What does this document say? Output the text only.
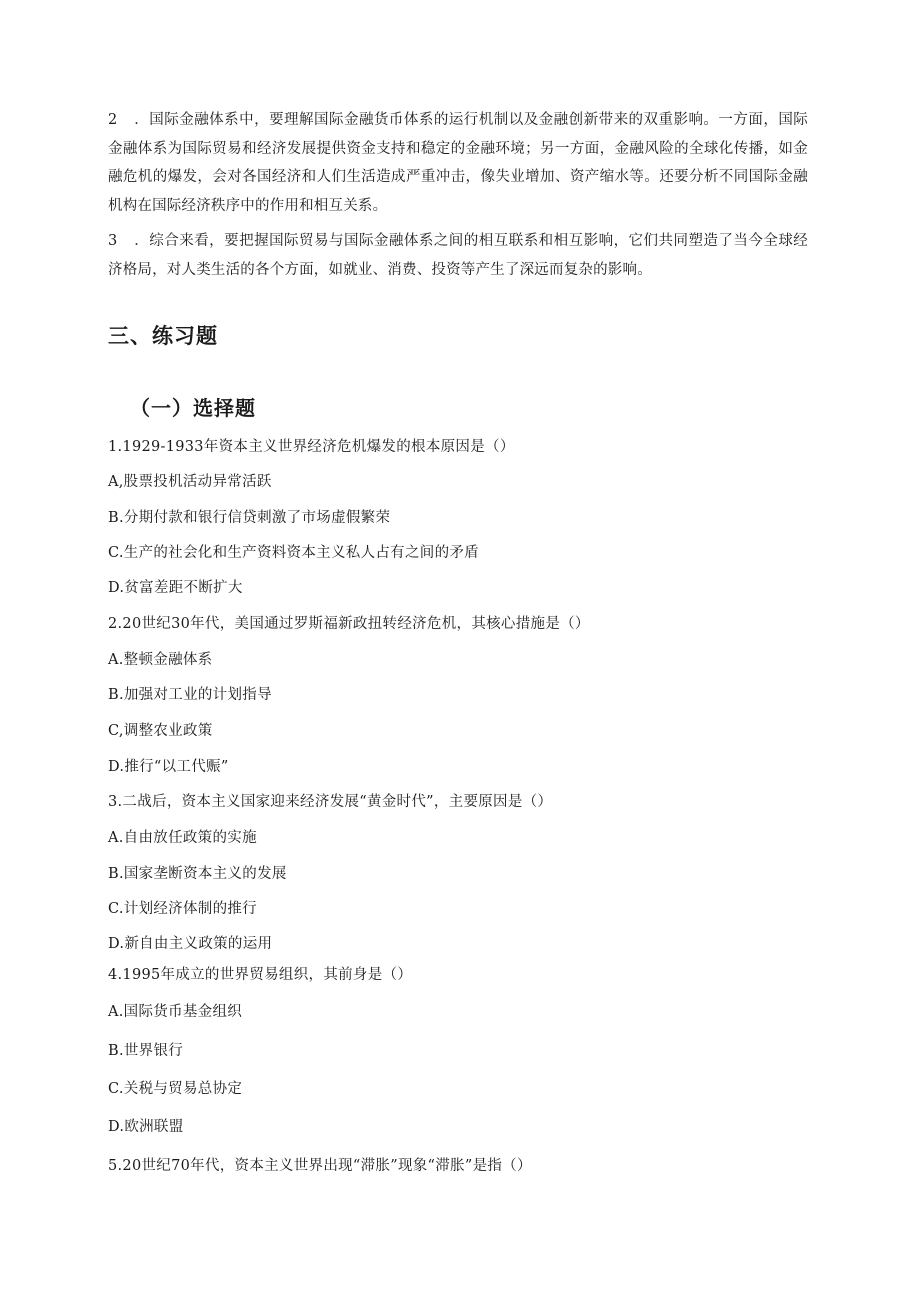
2 ．国际金融体系中，要理解国际金融货币体系的运行机制以及金融创新带来的双重影响。一方面，国际金融体系为国际贸易和经济发展提供资金支持和稳定的金融环境；另一方面，金融风险的全球化传播，如金融危机的爆发，会对各国经济和人们生活造成严重冲击，像失业增加、资产缩水等。还要分析不同国际金融机构在国际经济秩序中的作用和相互关系。
3 ．综合来看，要把握国际贸易与国际金融体系之间的相互联系和相互影响，它们共同塑造了当今全球经济格局，对人类生活的各个方面，如就业、消费、投资等产生了深远而复杂的影响。
三、练习题
（一）选择题
1.1929-1933年资本主义世界经济危机爆发的根本原因是（）
A,股票投机活动异常活跃
B.分期付款和银行信贷刺激了市场虚假繁荣
C.生产的社会化和生产资料资本主义私人占有之间的矛盾
D.贫富差距不断扩大
2.20世纪30年代，美国通过罗斯福新政扭转经济危机，其核心措施是（）
A.整顿金融体系
B.加强对工业的计划指导
C,调整农业政策
D.推行“以工代赈”
3.二战后，资本主义国家迎来经济发展“黄金时代”，主要原因是（）
A.自由放任政策的实施
B.国家垄断资本主义的发展
C.计划经济体制的推行
D.新自由主义政策的运用
4.1995年成立的世界贸易组织，其前身是（）
A.国际货币基金组织
B.世界银行
C.关税与贸易总协定
D.欧洲联盟
5.20世纪70年代，资本主义世界出现“滞胀”现象“滞胀”是指（）
